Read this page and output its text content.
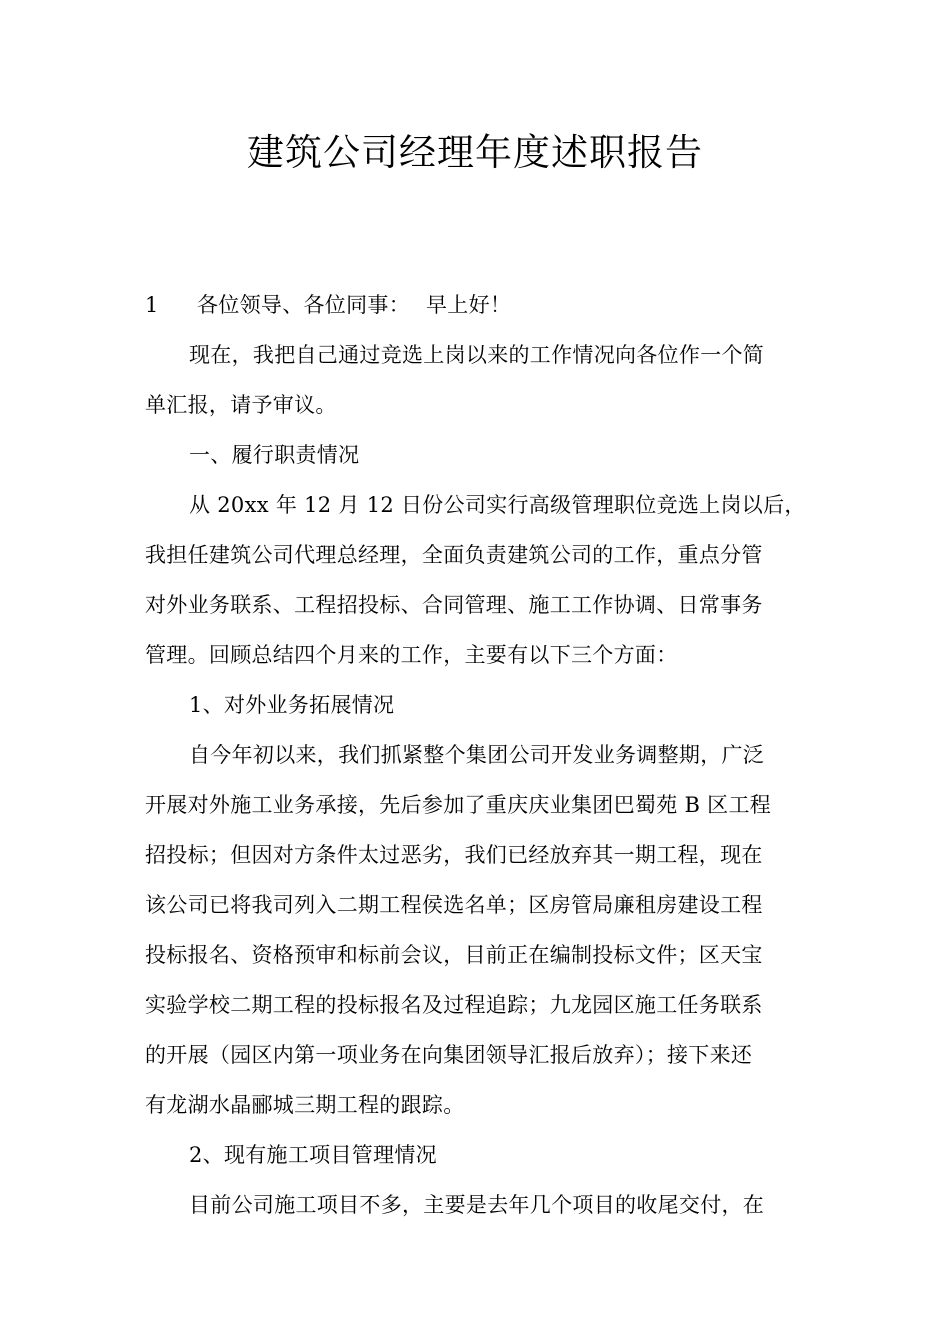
建筑公司经理年度述职报告
1 各位领导、各位同事： 早上好！
现在，我把自己通过竞选上岗以来的工作情况向各位作一个简
单汇报，请予审议。
一、履行职责情况
从 20xx 年 12 月 12 日份公司实行高级管理职位竞选上岗以后，
我担任建筑公司代理总经理，全面负责建筑公司的工作，重点分管
对外业务联系、工程招投标、合同管理、施工工作协调、日常事务
管理。回顾总结四个月来的工作，主要有以下三个方面：
1、对外业务拓展情况
自今年初以来，我们抓紧整个集团公司开发业务调整期，广泛
开展对外施工业务承接，先后参加了重庆庆业集团巴蜀苑 B 区工程
招投标；但因对方条件太过恶劣，我们已经放弃其一期工程，现在
该公司已将我司列入二期工程侯选名单；区房管局廉租房建设工程
投标报名、资格预审和标前会议，目前正在编制投标文件；区天宝
实验学校二期工程的投标报名及过程追踪；九龙园区施工任务联系
的开展（园区内第一项业务在向集团领导汇报后放弃）；接下来还
有龙湖水晶郦城三期工程的跟踪。
2、现有施工项目管理情况
目前公司施工项目不多，主要是去年几个项目的收尾交付，在
